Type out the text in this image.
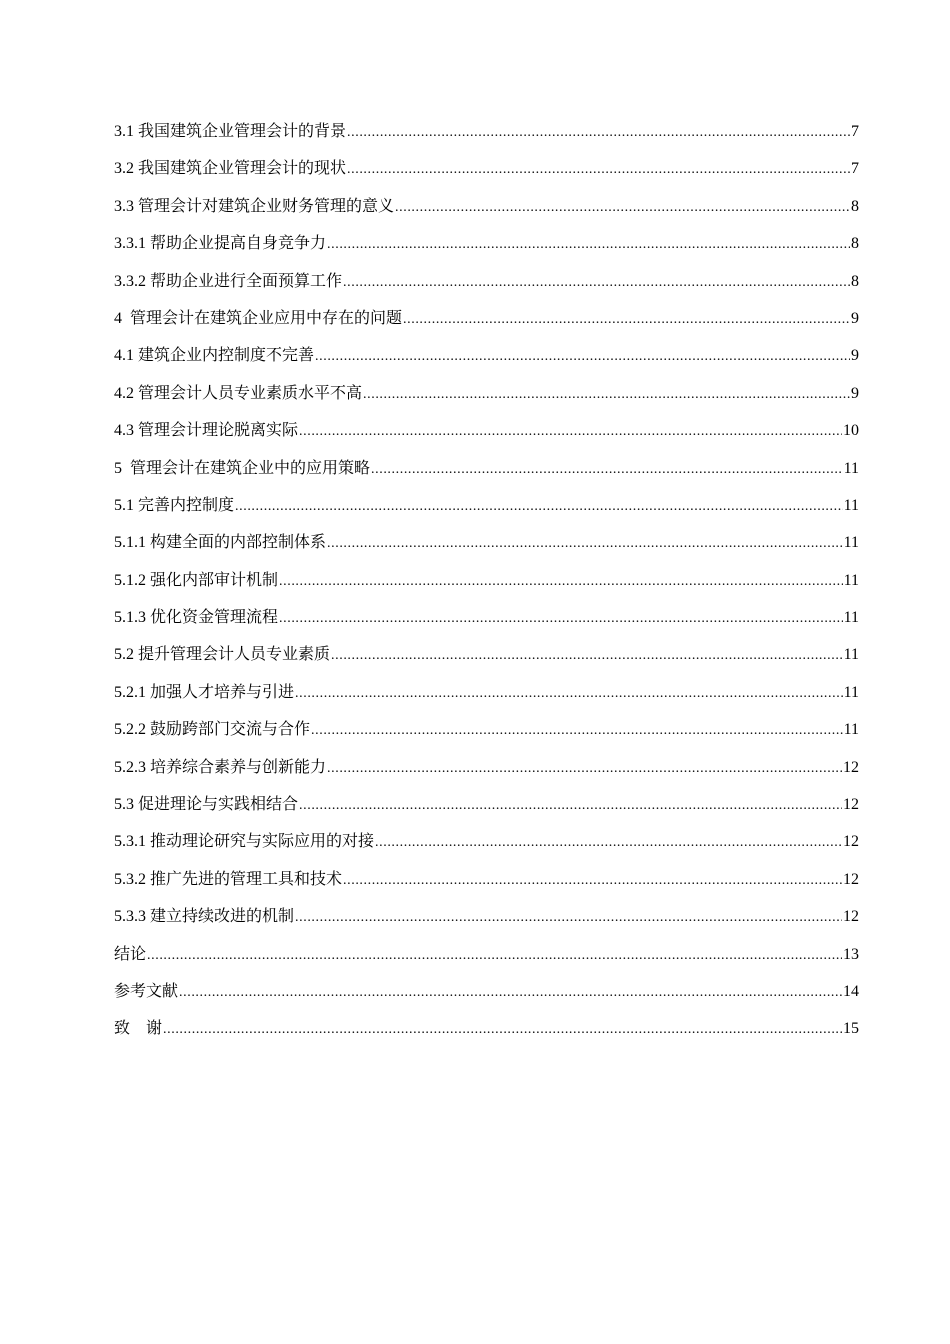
3.1 我国建筑企业管理会计的背景 .....	7
3.2 我国建筑企业管理会计的现状 .....	7
3.3 管理会计对建筑企业财务管理的意义 .....	8
3.3.1 帮助企业提高自身竞争力 .....	8
3.3.2 帮助企业进行全面预算工作 .....	8
4  管理会计在建筑企业应用中存在的问题 .....	9
4.1 建筑企业内控制度不完善 .....	9
4.2 管理会计人员专业素质水平不高 .....	9
4.3 管理会计理论脱离实际 .....	10
5  管理会计在建筑企业中的应用策略 .....	11
5.1 完善内控制度 .....	11
5.1.1 构建全面的内部控制体系 .....	11
5.1.2 强化内部审计机制 .....	11
5.1.3 优化资金管理流程 .....	11
5.2 提升管理会计人员专业素质 .....	11
5.2.1 加强人才培养与引进 .....	11
5.2.2 鼓励跨部门交流与合作 .....	11
5.2.3 培养综合素养与创新能力 .....	12
5.3 促进理论与实践相结合 .....	12
5.3.1 推动理论研究与实际应用的对接 .....	12
5.3.2 推广先进的管理工具和技术 .....	12
5.3.3 建立持续改进的机制 .....	12
结论 .....	13
参考文献 .....	14
致    谢 .....	15
